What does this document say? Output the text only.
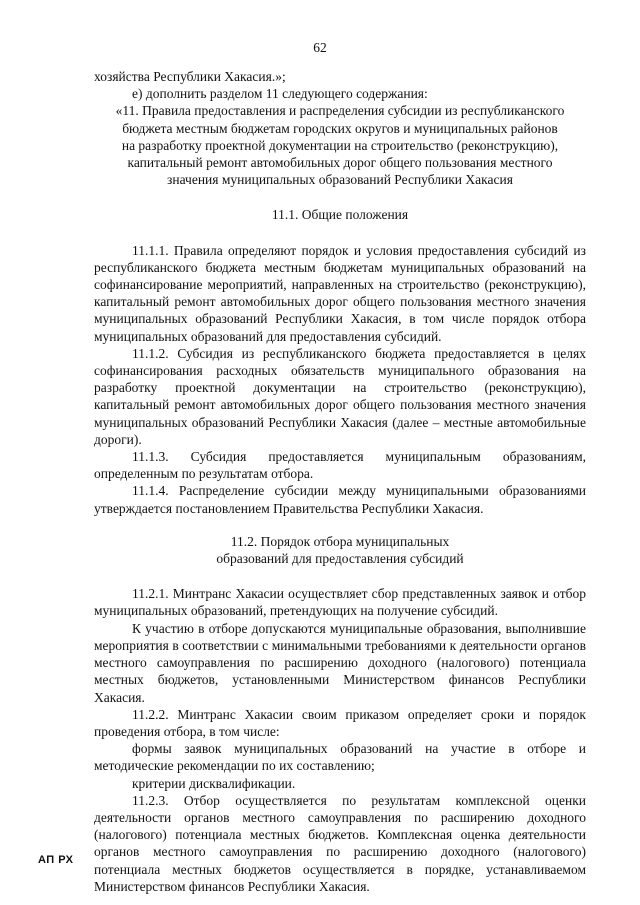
62

хозяйства Республики Хакасия.»;

е) дополнить разделом 11 следующего содержания:

«11. Правила предоставления и распределения субсидии из республиканского

бюджета местным бюджетам городских округов и муниципальных районов

на разработку проектной документации на строительство (реконструкцию),

капитальный ремонт автомобильных дорог общего пользования местного

значения муниципальных образований Республики Хакасия

11.1. Общие положения

11.1.1. Правила определяют порядок и условия предоставления субсидий из республиканского бюджета местным бюджетам муниципальных образований на софинансирование мероприятий, направленных на строительство (реконструкцию), капитальный ремонт автомобильных дорог общего пользования местного значения муниципальных образований Республики Хакасия, в том числе порядок отбора муниципальных образований для предоставления субсидий.

11.1.2. Субсидия из республиканского бюджета предоставляется в целях софинансирования расходных обязательств муниципального образования на разработку проектной документации на строительство (реконструкцию), капитальный ремонт автомобильных дорог общего пользования местного значения муниципальных образований Республики Хакасия (далее – местные автомобильные дороги).

11.1.3. Субсидия предоставляется муниципальным образованиям, определенным по результатам отбора.

11.1.4. Распределение субсидии между муниципальными образованиями утверждается постановлением Правительства Республики Хакасия.

11.2. Порядок отбора муниципальных

образований для предоставления субсидий

11.2.1. Минтранс Хакасии осуществляет сбор представленных заявок и отбор муниципальных образований, претендующих на получение субсидий.

К участию в отборе допускаются муниципальные образования, выполнившие мероприятия в соответствии с минимальными требованиями к деятельности органов местного самоуправления по расширению доходного (налогового) потенциала местных бюджетов, установленными Министерством финансов Республики Хакасия.

11.2.2. Минтранс Хакасии своим приказом определяет сроки и порядок проведения отбора, в том числе:

формы заявок муниципальных образований на участие в отборе и методические рекомендации по их составлению;

критерии дисквалификации.

11.2.3. Отбор осуществляется по результатам комплексной оценки деятельности органов местного самоуправления по расширению доходного (налогового) потенциала местных бюджетов. Комплексная оценка деятельности органов местного самоуправления по расширению доходного (налогового) потенциала местных бюджетов осуществляется в порядке, устанавливаемом Министерством финансов Республики Хакасия.

АП РХ
